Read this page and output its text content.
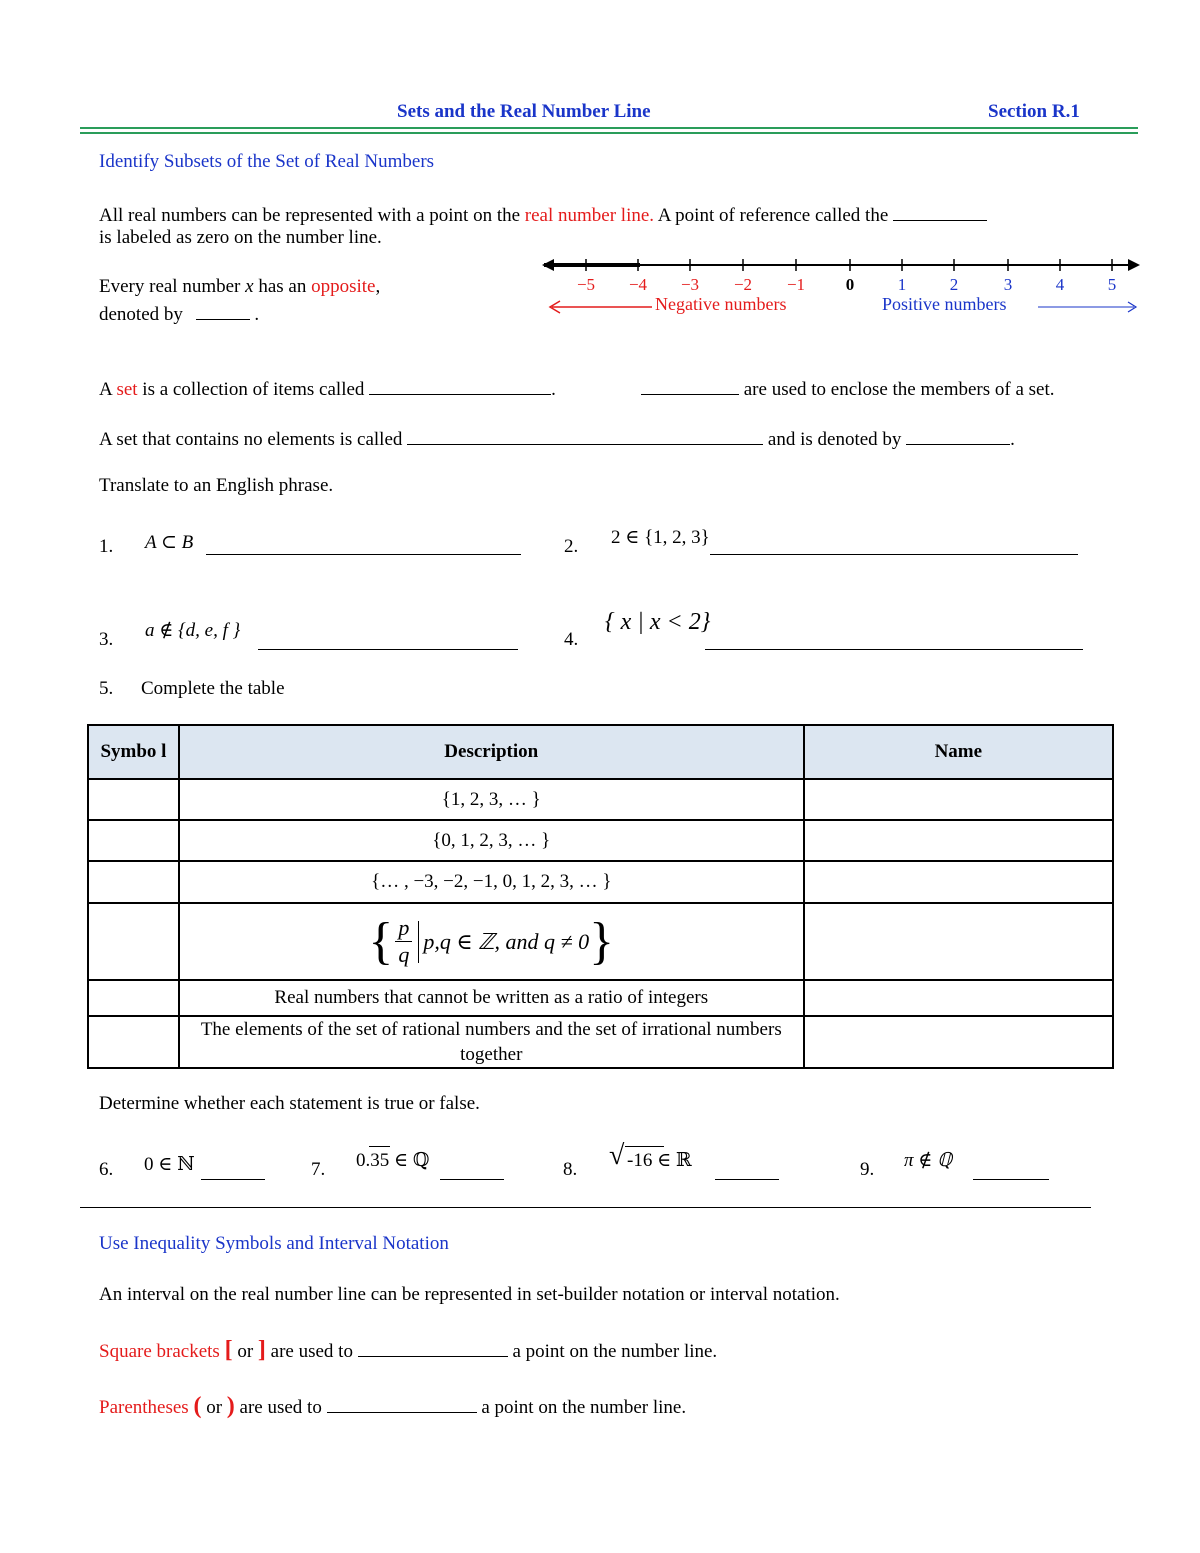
Sets and the Real Number Line	Section R.1
Identify Subsets of the Set of Real Numbers
All real numbers can be represented with a point on the real number line. A point of reference called the
is labeled as zero on the number line.
Every real number x has an opposite,
denoted by	.
−5 −4 −3 −2 −1 0	1	2	3	4	5
Negative numbers	Positive numbers
A set is a collection of items called	.	are used to enclose the members of a set.
A set that contains no elements is called	and is denoted by	.
Translate to an English phrase.
1. A ⊂ B	2. 2 ∈ {1, 2, 3}
3. a ∉ {d, e, f }	4.
{ x | x < 2}
5. Complete the table
Symbo l	Description	Name
	{1, 2, 3, … }	
	{0, 1, 2, 3, … }	
	{… , −3, −2, −1, 0, 1, 2, 3, … }	

	{ $\frac{p}{q} p,q$ ∈ ℤ, and q ≠ 0 }	

	Real numbers that cannot be written as a ratio of integers	
	The elements of the set of rational numbers and the set of irrational numbers together	
Determine whether each statement is true or false.
6. 0 ∈ ℕ	7. 0.35 ∈ ℚ	8. √ -16 ∈ ℝ	9. π ∉ ℚ
Use Inequality Symbols and Interval Notation
An interval on the real number line can be represented in set-builder notation or interval notation.
Square brackets [ or ] are used to	a point on the number line.
Parentheses ( or ) are used to	a point on the number line.
